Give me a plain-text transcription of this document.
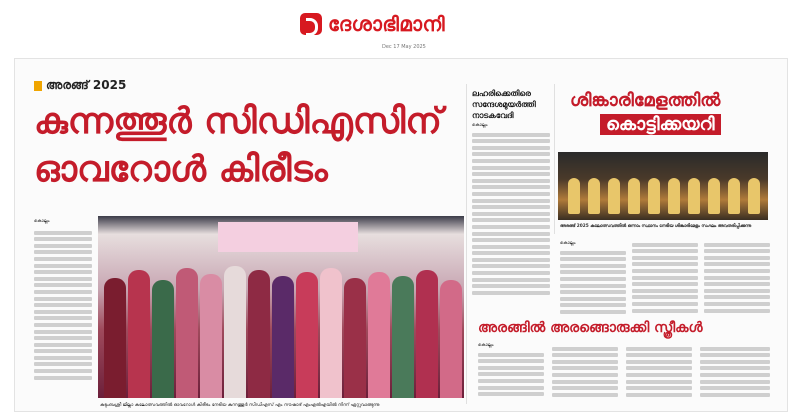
ദേശാഭിമാനി
Dec 17 May 2025
അരങ്ങ് 2025
കുന്നത്തൂർ സിഡിഎസിന് ഓവറോൾ കിരീടം
കൊല്ലം
കുടുംബശ്രീ ജില്ലാ കലോത്സവത്തിൽ ഓവറോൾ കിരീടം നേടിയ കുന്നത്തൂർ സിഡിഎസ് എം നൗഷാദ് എംഎൽഎയിൽ നിന്ന് ഏറ്റുവാങ്ങുന്നു
ലഹരിക്കെതിരെ സന്ദേശമുയർത്തി നാടകവേദി
കൊല്ലം
ശിങ്കാരിമേളത്തിൽ
കൊട്ടിക്കയറി
അരങ്ങ് 2025 കലോത്സവത്തിൽ ഒന്നാം സ്ഥാനം നേടിയ ശിങ്കാരിമേളം സംഘം അവതരിപ്പിക്കുന്നു
കൊല്ലം
അരങ്ങിൽ അരങ്ങൊരുക്കി സ്ത്രീകൾ
കൊല്ലം
